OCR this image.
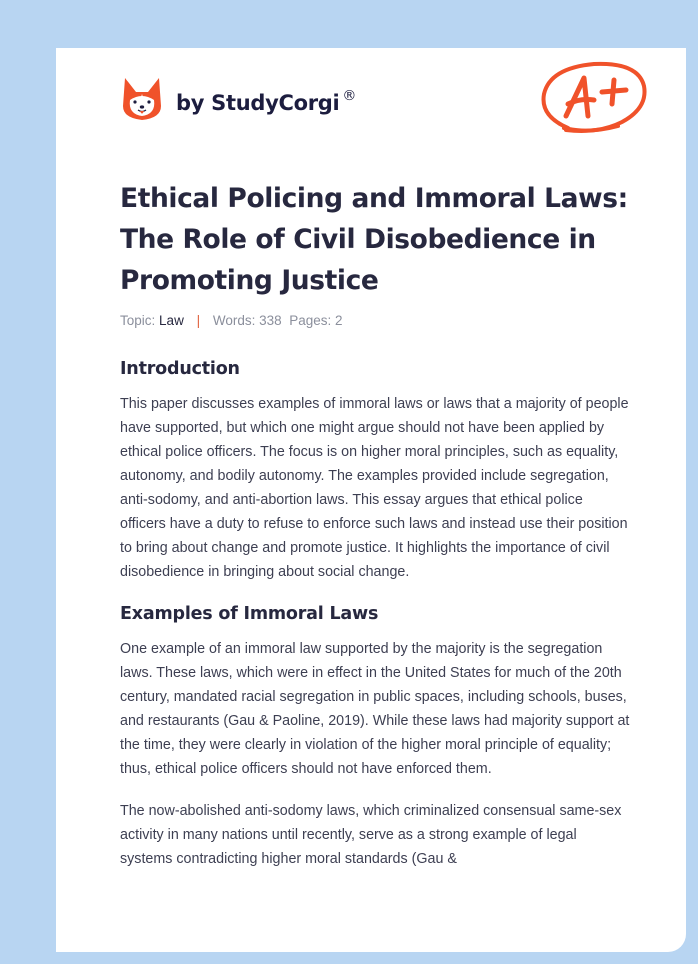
by StudyCorgi ®
Ethical Policing and Immoral Laws: The Role of Civil Disobedience in Promoting Justice
Topic: Law | Words: 338 Pages: 2
Introduction

This paper discusses examples of immoral laws or laws that a majority of people have supported, but which one might argue should not have been applied by ethical police officers. The focus is on higher moral principles, such as equality, autonomy, and bodily autonomy. The examples provided include segregation, anti-sodomy, and anti-abortion laws. This essay argues that ethical police officers have a duty to refuse to enforce such laws and instead use their position to bring about change and promote justice. It highlights the importance of civil disobedience in bringing about social change.

Examples of Immoral Laws

One example of an immoral law supported by the majority is the segregation laws. These laws, which were in effect in the United States for much of the 20th century, mandated racial segregation in public spaces, including schools, buses, and restaurants (Gau & Paoline, 2019). While these laws had majority support at the time, they were clearly in violation of the higher moral principle of equality; thus, ethical police officers should not have enforced them.

The now-abolished anti-sodomy laws, which criminalized consensual same-sex activity in many nations until recently, serve as a strong example of legal systems contradicting higher moral standards (Gau &
